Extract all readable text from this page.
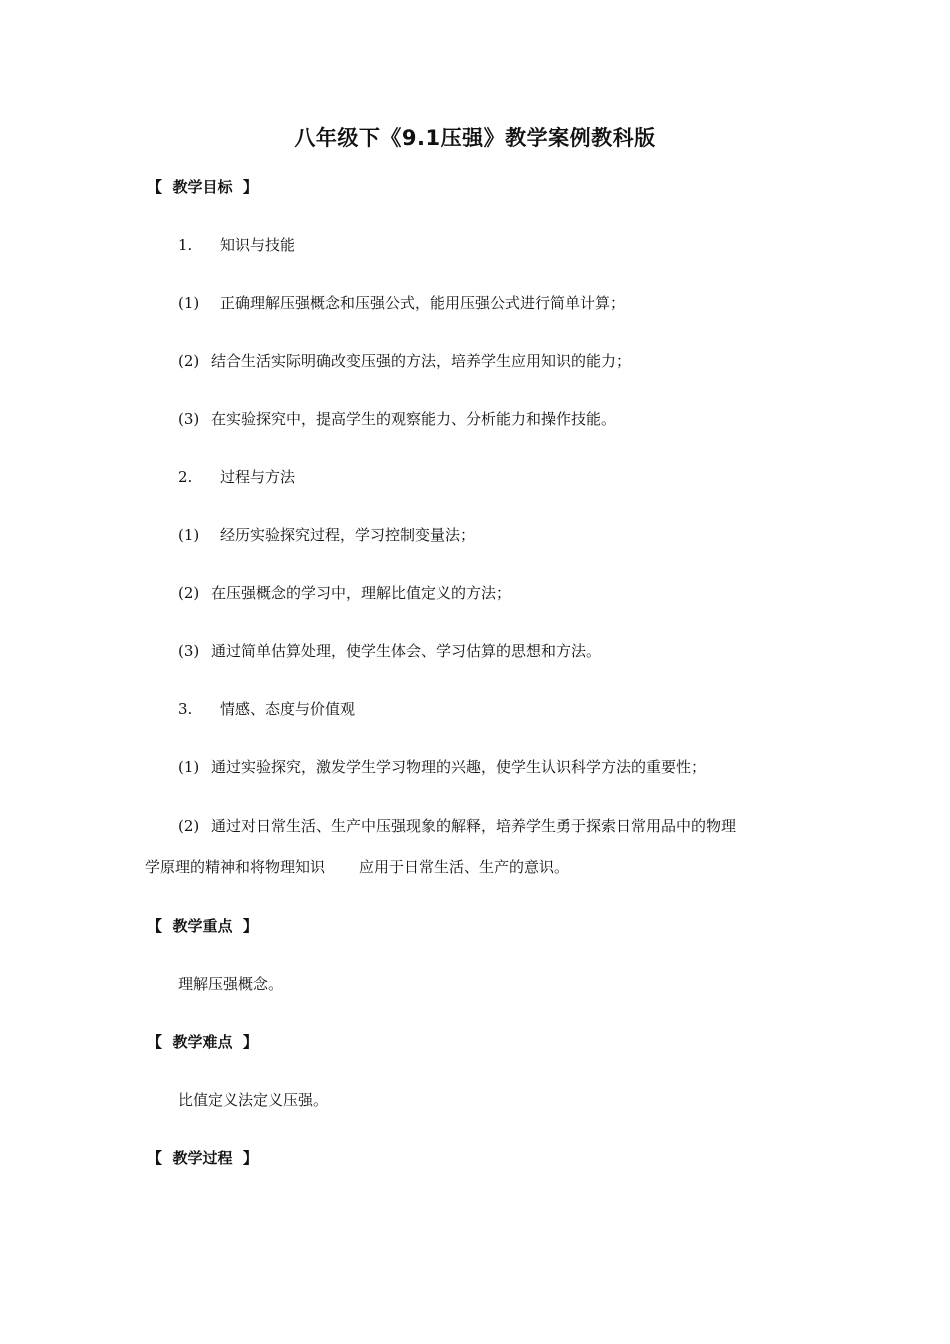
八年级下《9.1压强》教学案例教科版
【  教学目标  】
1. 知识与技能
(1) 正确理解压强概念和压强公式，能用压强公式进行简单计算；
(2) 结合生活实际明确改变压强的方法，培养学生应用知识的能力；
(3) 在实验探究中，提高学生的观察能力、分析能力和操作技能。
2. 过程与方法
(1) 经历实验探究过程，学习控制变量法；
(2) 在压强概念的学习中，理解比值定义的方法；
(3) 通过简单估算处理，使学生体会、学习估算的思想和方法。
3. 情感、态度与价值观
(1) 通过实验探究，激发学生学习物理的兴趣，使学生认识科学方法的重要性；
(2) 通过对日常生活、生产中压强现象的解释，培养学生勇于探索日常用品中的物理
学原理的精神和将物理知识 应用于日常生活、生产的意识。
【  教学重点  】
理解压强概念。
【  教学难点  】
比值定义法定义压强。
【  教学过程  】
